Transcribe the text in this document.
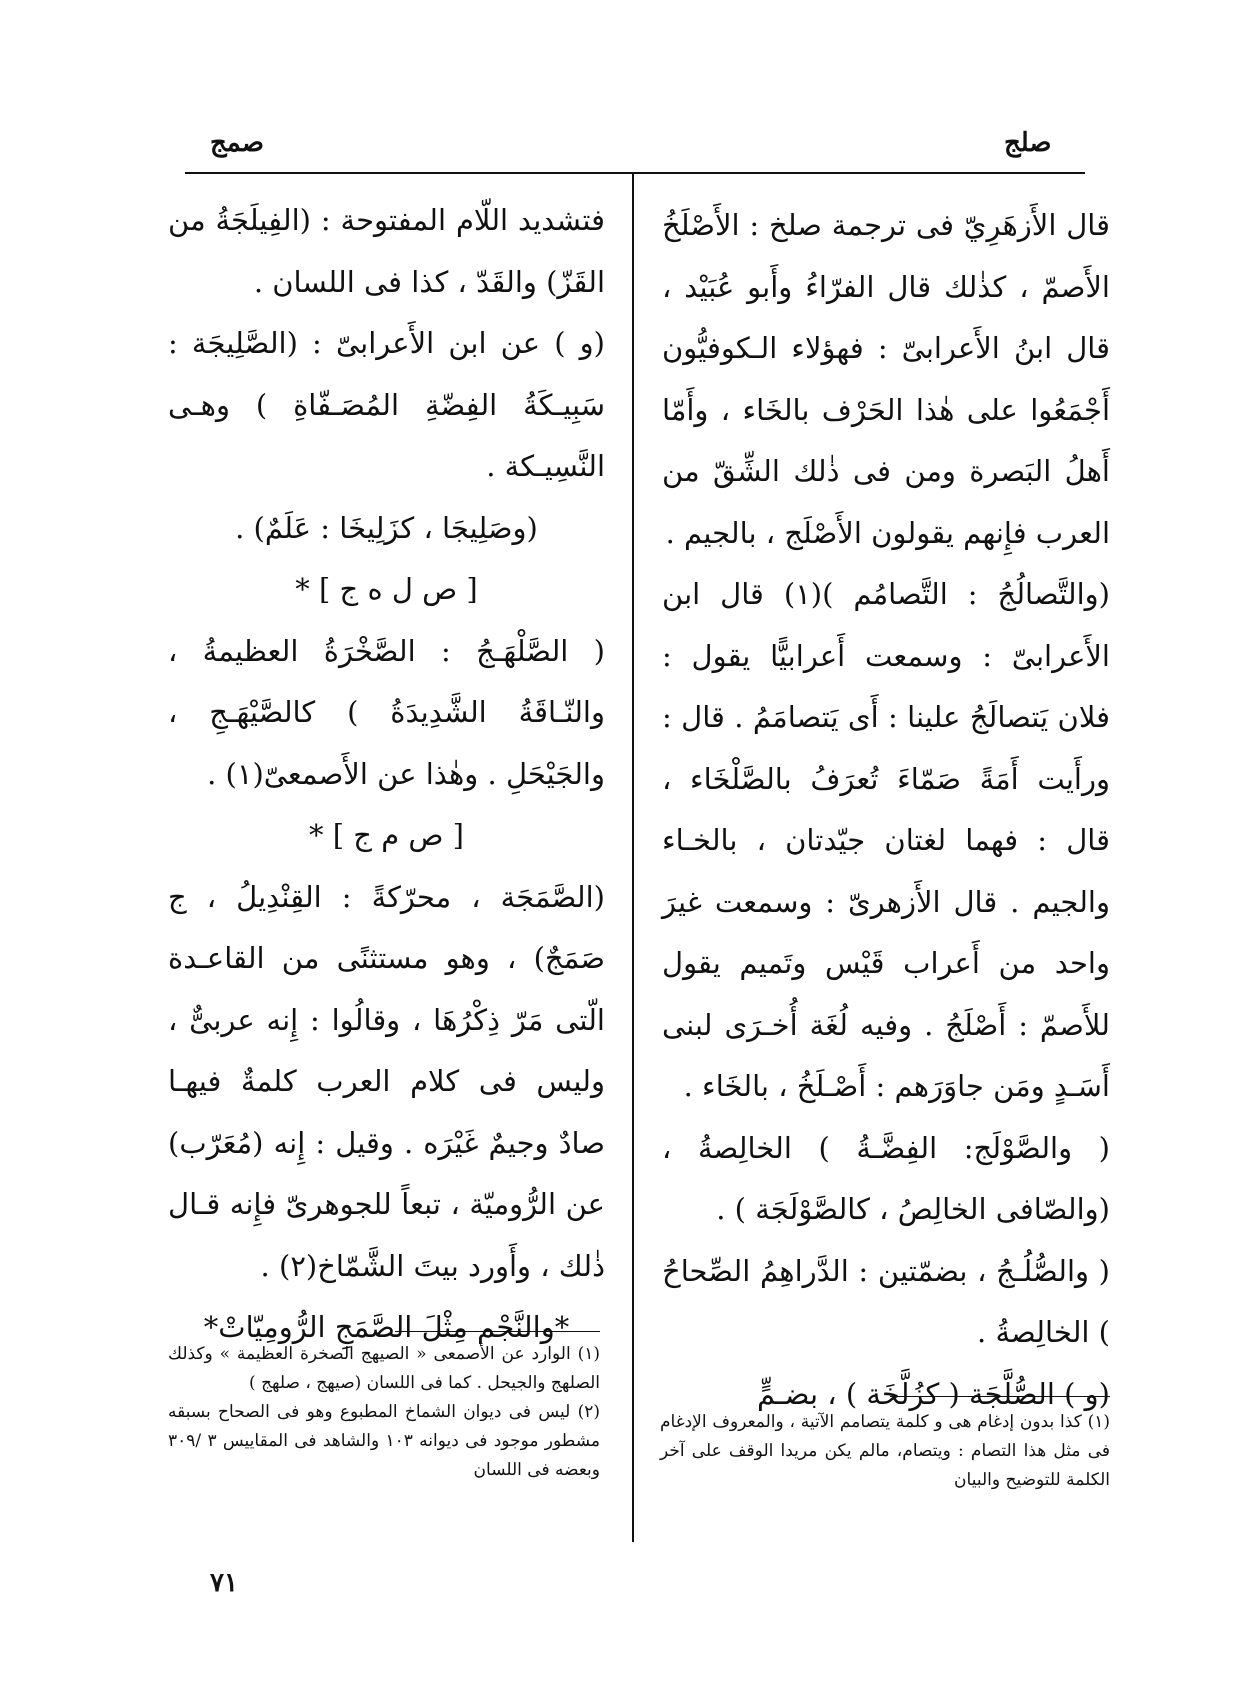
صلج
صمج

قال الأَزهَرِيّ فى ترجمة صلخ : الأَصْلَخُ الأَصمّ ، كذٰلك قال الفرّاءُ وأَبو عُبَيْد ، قال ابنُ الأَعرابىّ : فهؤلاء الـكوفيُّون أَجْمَعُوا على هٰذا الحَرْف بالخَاء ، وأَمّا أَهلُ البَصرة ومن فى ذٰلك الشِّقّ من العرب فإِنهم يقولون الأَصْلَج ، بالجيم .

(والتَّصالُجُ : التَّصامُم )(١) قال ابن الأَعرابىّ : وسمعت أَعرابيًّا يقول : فلان يَتصالَجُ علينا : أَى يَتصامَمُ . قال : ورأَيت أَمَةً صَمّاءَ تُعرَفُ بالصَّلْخَاء ، قال : فهما لغتان جيّدتان ، بالخـاء والجيم . قال الأَزهرىّ : وسمعت غيرَ واحد من أَعراب قَيْس وتَميم يقول للأَصمّ : أَصْلَجُ . وفيه لُغَة أُخـرَى لبنى أَسَـدٍ ومَن جاوَرَهم : أَصْـلَخُ ، بالخَاء .

( والصَّوْلَج: الفِضَّـةُ ) الخالِصةُ ، (والصّافى الخالِصُ ، كالصَّوْلَجَة ) .

( والصُّلُـجُ ، بضمّتين : الدَّراهِمُ الصِّحاحُ ) الخالِصةُ .

(و ) الصُّلَّجَة ( كزُلَّخَة ) ، بضـمٍّ

فتشديد اللّام المفتوحة : (الفِيلَجَةُ من القَزّ) والقَدّ ، كذا فى اللسان .

(و ) عن ابن الأَعرابىّ : (الصَّلِيجَة : سَبِيـكَةُ الفِضّةِ المُصَـفّاةِ ) وهـى النَّسِيـكة .

(وصَلِيجَا ، كزَلِيخَا : عَلَمٌ) .

[ ص ل ه ج ] *

( الصَّلْهَـجُ : الصَّخْرَةُ العظيمةُ ، والنّـاقَةُ الشَّدِيدَةُ ) كالصَّيْهَـجِ ، والجَيْحَلِ . وهٰذا عن الأَصمعىّ(١) .

[ ص م ج ] *

(الصَّمَجَة ، محرّكةً : القِنْدِيلُ ، ج صَمَجٌ) ، وهو مستثنًى من القاعـدة الّتى مَرّ ذِكْرُهَا ، وقالُوا : إِنه عربىٌّ ، وليس فى كلام العرب كلمةٌ فيهـا صادٌ وجيمٌ غَيْرَه . وقيل : إِنه (مُعَرّب) عن الرُّوميّة ، تبعاً للجوهرىّ فإِنه قـال ذٰلك ، وأَورد بيتَ الشَّمّاخ(٢) .

*والنَّجْم مِثْلَ الصَّمَجِ الرُّومِيّاتْ*

(١) الوارد عن الأصمعى « الصيهج الصخرة العظيمة » وكذلك الصلهج والجيحل . كما فى اللسان (صيهج ، صلهج )

(٢) ليس فى ديوان الشماخ المطبوع وهو فى الصحاح بسبقه مشطور موجود فى ديوانه ١٠٣ والشاهد فى المقاييس ٣ /٣٠٩ وبعضه فى اللسان

(١) كذا بدون إدغام هى و كلمة يتصامم الآتية ، والمعروف الإدغام فى مثل هذا التصام : ويتصام، مالم يكن مريدا الوقف على آخر الكلمة للتوضيح والبيان

٧١
